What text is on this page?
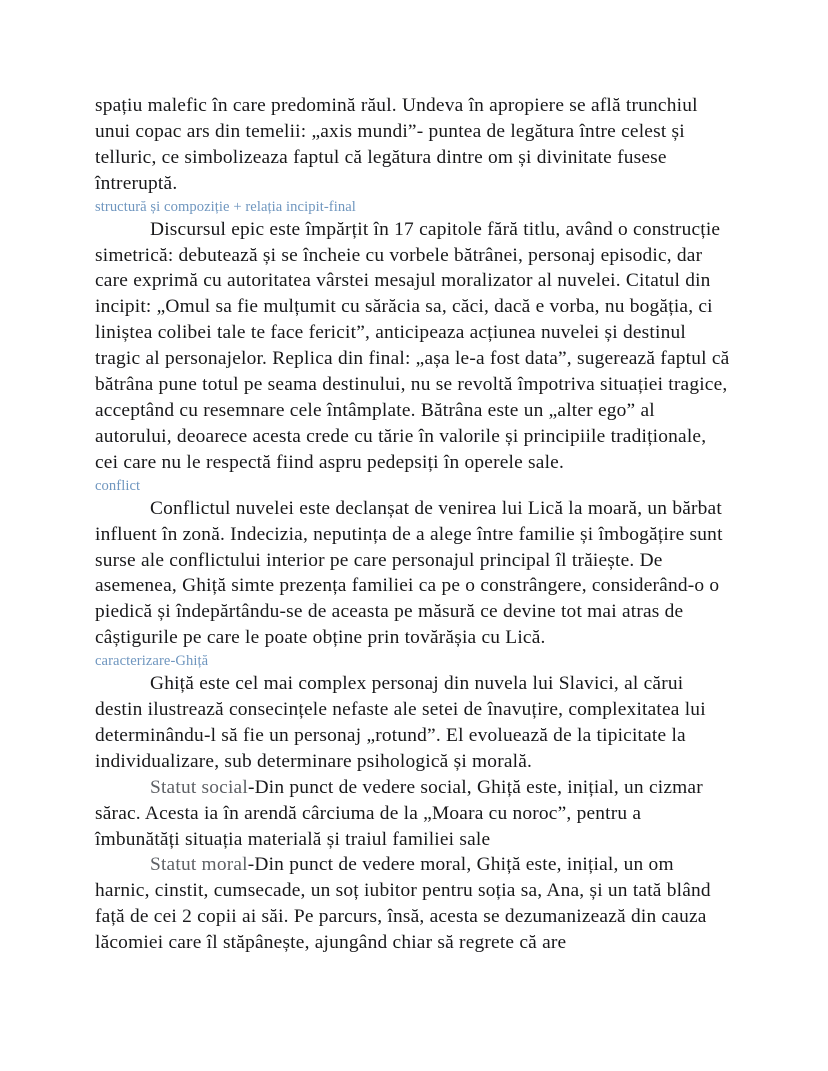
spațiu malefic în care predomină răul. Undeva în apropiere se află trunchiul unui copac ars din temelii: „axis mundi”- puntea de legătura între celest și telluric, ce simbolizeaza faptul că legătura dintre om și divinitate fusese întreruptă.

structură și compoziție + relația incipit-final

Discursul epic este împărțit în 17 capitole fără titlu, având o construcție simetrică: debutează și se încheie cu vorbele bătrânei, personaj episodic, dar care exprimă cu autoritatea vârstei mesajul moralizator al nuvelei. Citatul din incipit: „Omul sa fie mulțumit cu sărăcia sa, căci, dacă e vorba, nu bogăția, ci liniștea colibei tale te face fericit”, anticipeaza acțiunea nuvelei și destinul tragic al personajelor. Replica din final: „așa le-a fost data”, sugerează faptul că bătrâna pune totul pe seama destinului, nu se revoltă împotriva situației tragice, acceptând cu resemnare cele întâmplate. Bătrâna este un „alter ego” al autorului, deoarece acesta crede cu tărie în valorile și principiile tradiționale, cei care nu le respectă fiind aspru pedepsiți în operele sale.

conflict

Conflictul nuvelei este declanșat de venirea lui Lică la moară, un bărbat influent în zonă. Indecizia, neputința de a alege între familie și îmbogățire sunt surse ale conflictului interior pe care personajul principal îl trăiește. De asemenea, Ghiță simte prezența familiei ca pe o constrângere, considerând-o o piedică și îndepărtându-se de aceasta pe măsură ce devine tot mai atras de câștigurile pe care le poate obține prin tovărășia cu Lică.

caracterizare-Ghiță

Ghiță este cel mai complex personaj din nuvela lui Slavici, al cărui destin ilustrează consecințele nefaste ale setei de înavuțire, complexitatea lui determinându-l să fie un personaj „rotund”. El evoluează de la tipicitate la individualizare, sub determinare psihologică și morală.

Statut social-Din punct de vedere social, Ghiță este, inițial, un cizmar sărac. Acesta ia în arendă cârciuma de la „Moara cu noroc”, pentru a îmbunătăți situația materială și traiul familiei sale

Statut moral-Din punct de vedere moral, Ghiță este, inițial, un om harnic, cinstit, cumsecade, un soț iubitor pentru soția sa, Ana, și un tată blând față de cei 2 copii ai săi. Pe parcurs, însă, acesta se dezumanizează din cauza lăcomiei care îl stăpânește, ajungând chiar să regrete că are
